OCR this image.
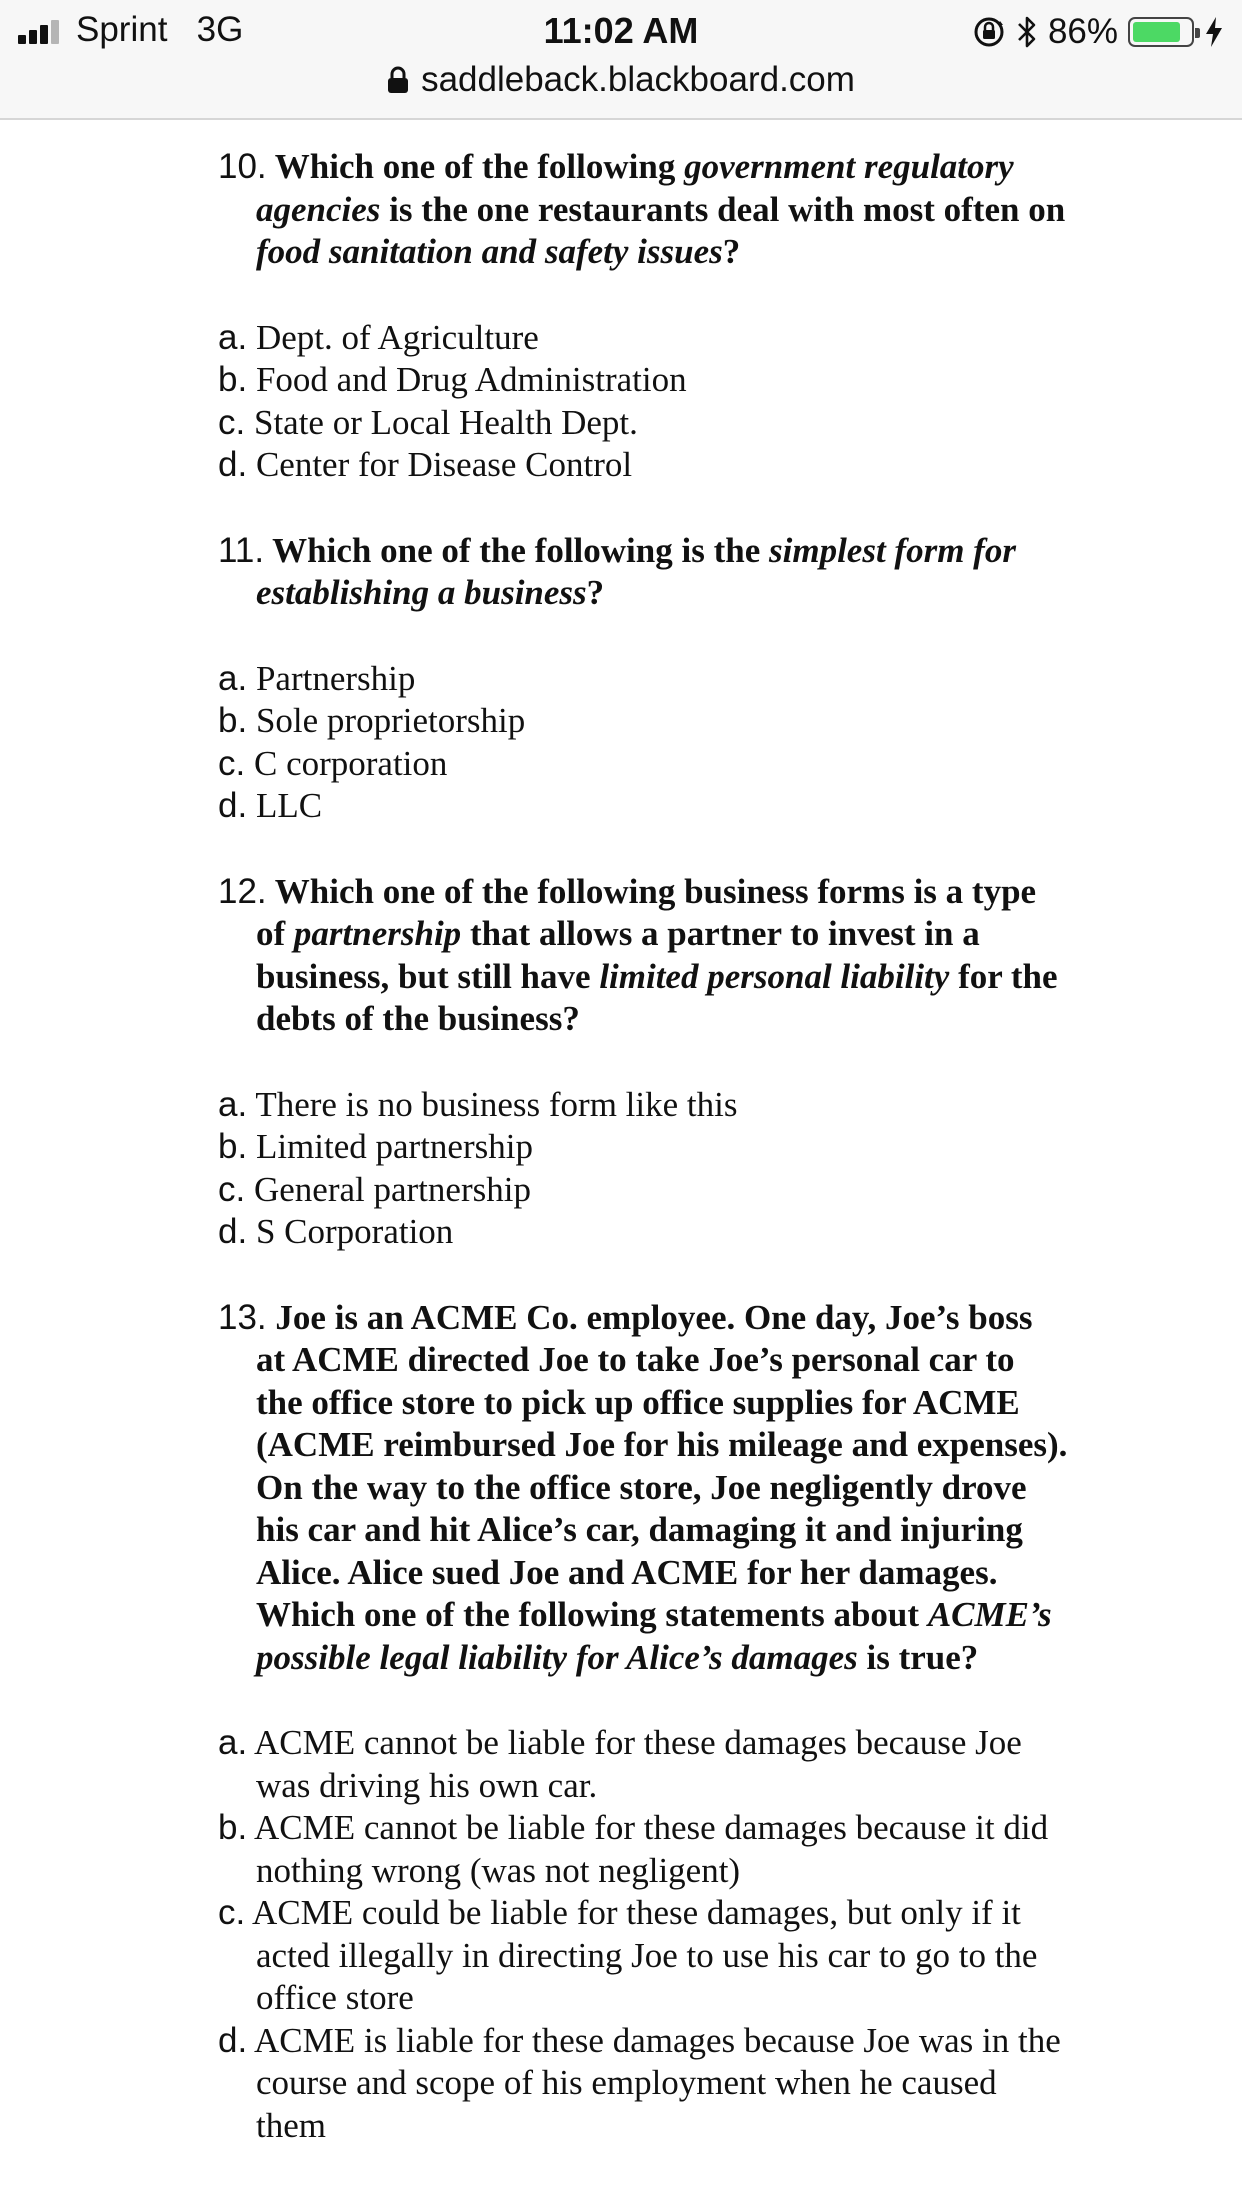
Sprint 3G	11:02 AM	86%
saddleback.blackboard.com
10. Which one of the following government regulatory agencies is the one restaurants deal with most often on food sanitation and safety issues?
a. Dept. of Agriculture
b. Food and Drug Administration
c. State or Local Health Dept.
d. Center for Disease Control
11. Which one of the following is the simplest form for establishing a business?
a. Partnership
b. Sole proprietorship
c. C corporation
d. LLC
12. Which one of the following business forms is a type of partnership that allows a partner to invest in a business, but still have limited personal liability for the debts of the business?
a. There is no business form like this
b. Limited partnership
c. General partnership
d. S Corporation
13. Joe is an ACME Co. employee. One day, Joe’s boss at ACME directed Joe to take Joe’s personal car to the office store to pick up office supplies for ACME (ACME reimbursed Joe for his mileage and expenses). On the way to the office store, Joe negligently drove his car and hit Alice’s car, damaging it and injuring Alice. Alice sued Joe and ACME for her damages. Which one of the following statements about ACME’s possible legal liability for Alice’s damages is true?
a. ACME cannot be liable for these damages because Joe was driving his own car.
b. ACME cannot be liable for these damages because it did nothing wrong (was not negligent)
c. ACME could be liable for these damages, but only if it acted illegally in directing Joe to use his car to go to the office store
d. ACME is liable for these damages because Joe was in the course and scope of his employment when he caused them
